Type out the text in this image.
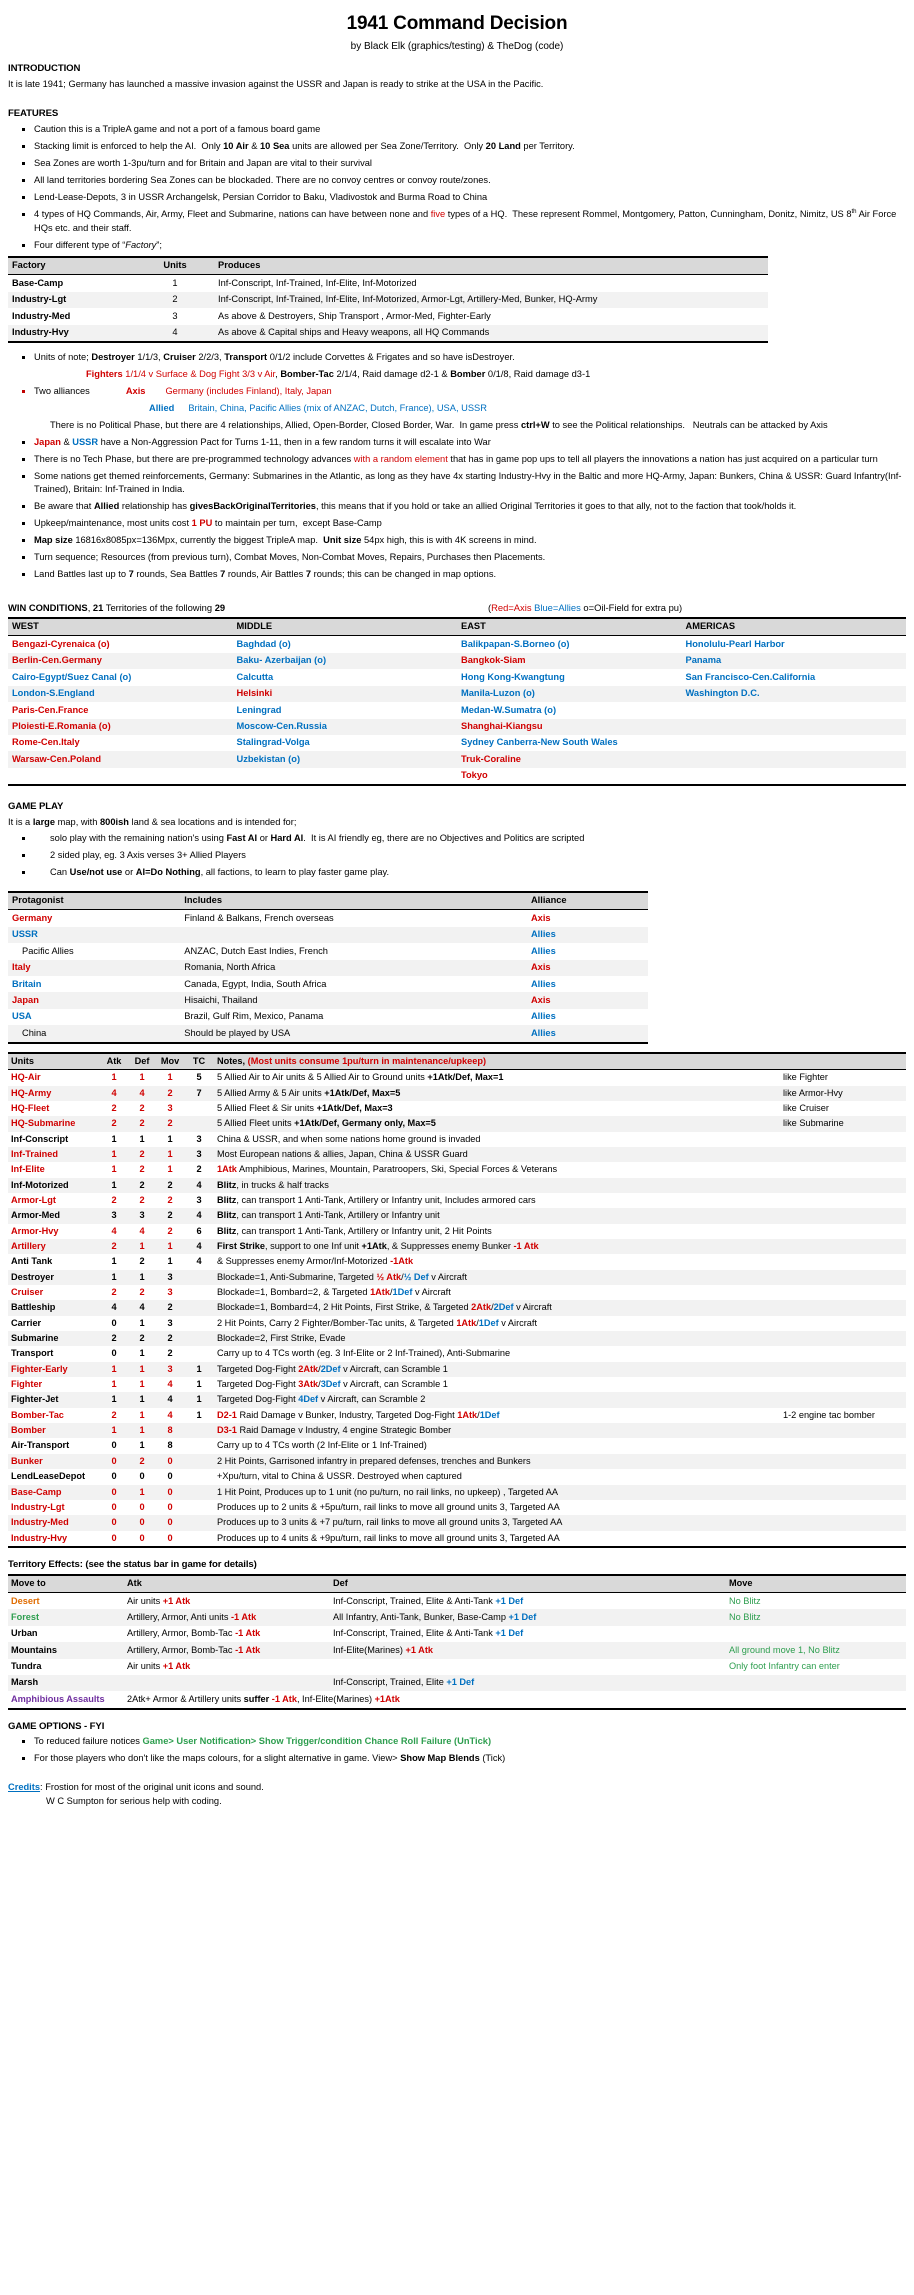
1941 Command Decision
by Black Elk (graphics/testing) & TheDog (code)
INTRODUCTION
It is late 1941; Germany has launched a massive invasion against the USSR and Japan is ready to strike at the USA in the Pacific.
FEATURES
Caution this is a TripleA game and not a port of a famous board game
Stacking limit is enforced to help the AI.  Only 10 Air & 10 Sea units are allowed per Sea Zone/Territory.  Only 20 Land per Territory.
Sea Zones are worth 1-3pu/turn and for Britain and Japan are vital to their survival
All land territories bordering Sea Zones can be blockaded. There are no convoy centres or convoy route/zones.
Lend-Lease-Depots, 3 in USSR Archangelsk, Persian Corridor to Baku, Vladivostok and Burma Road to China
4 types of HQ Commands, Air, Army, Fleet and Submarine, nations can have between none and five types of a HQ.  These represent Rommel, Montgomery, Patton, Cunningham, Donitz, Nimitz, US 8th Air Force HQs etc. and their staff.
Four different type of “Factory”;
Factory	Units	Produces
Base-Camp	1	Inf-Conscript, Inf-Trained, Inf-Elite, Inf-Motorized
Industry-Lgt	2	Inf-Conscript, Inf-Trained, Inf-Elite, Inf-Motorized, Armor-Lgt, Artillery-Med, Bunker, HQ-Army
Industry-Med	3	As above & Destroyers, Ship Transport , Armor-Med, Fighter-Early
Industry-Hvy	4	As above & Capital ships and Heavy weapons, all HQ Commands
Units of note; Destroyer 1/1/3, Cruiser 2/2/3, Transport 0/1/2 include Corvettes & Frigates and so have isDestroyer.
Fighters 1/1/4 v Surface & Dog Fight 3/3 v Air, Bomber-Tac 2/1/4, Raid damage d2-1 & Bomber 0/1/8, Raid damage d3-1
Two alliances	Axis Germany (includes Finland), Italy, Japan
Allied Britain, China, Pacific Allies (mix of ANZAC, Dutch, France), USA, USSR
There is no Political Phase, but there are 4 relationships, Allied, Open-Border, Closed Border, War.  In game press ctrl+W to see the Political relationships.   Neutrals can be attacked by Axis
Japan & USSR have a Non-Aggression Pact for Turns 1-11, then in a few random turns it will escalate into War
There is no Tech Phase, but there are pre-programmed technology advances with a random element that has in game pop ups to tell all players the innovations a nation has just acquired on a particular turn
Some nations get themed reinforcements, Germany: Submarines in the Atlantic, as long as they have 4x starting Industry-Hvy in the Baltic and more HQ-Army, Japan: Bunkers, China & USSR: Guard Infantry(Inf-Trained), Britain: Inf-Trained in India.
Be aware that Allied relationship has givesBackOriginalTerritories, this means that if you hold or take an allied Original Territories it goes to that ally, not to the faction that took/holds it.
Upkeep/maintenance, most units cost 1 PU to maintain per turn,  except Base-Camp
Map size 16816x8085px=136Mpx, currently the biggest TripleA map.  Unit size 54px high, this is with 4K screens in mind.
Turn sequence; Resources (from previous turn), Combat Moves, Non-Combat Moves, Repairs, Purchases then Placements.
Land Battles last up to 7 rounds, Sea Battles 7 rounds, Air Battles 7 rounds; this can be changed in map options.
WIN CONDITIONS, 21 Territories of the following 29	(Red=Axis Blue=Allies o=Oil-Field for extra pu)
WEST	MIDDLE	EAST	AMERICAS
Bengazi-Cyrenaica (o)	Baghdad (o)	Balikpapan-S.Borneo (o)	Honolulu-Pearl Harbor
Berlin-Cen.Germany	Baku- Azerbaijan (o)	Bangkok-Siam	Panama
Cairo-Egypt/Suez Canal (o)	Calcutta	Hong Kong-Kwangtung	San Francisco-Cen.California
London-S.England	Helsinki	Manila-Luzon (o)	Washington D.C.
Paris-Cen.France	Leningrad	Medan-W.Sumatra (o)	
Ploiesti-E.Romania (o)	Moscow-Cen.Russia	Shanghai-Kiangsu	
Rome-Cen.Italy	Stalingrad-Volga	Sydney Canberra-New South Wales	
Warsaw-Cen.Poland	Uzbekistan (o)	Truk-Coraline	
		Tokyo	
GAME PLAY
It is a large map, with 800ish land & sea locations and is intended for;
solo play with the remaining nation's using Fast AI or Hard AI.  It is AI friendly eg, there are no Objectives and Politics are scripted
2 sided play, eg. 3 Axis verses 3+ Allied Players
Can Use/not use or AI=Do Nothing, all factions, to learn to play faster game play.
Protagonist	Includes	Alliance
Germany	Finland & Balkans, French overseas	Axis
USSR		Allies
Pacific Allies	ANZAC, Dutch East Indies, French	Allies
Italy	Romania, North Africa	Axis
Britain	Canada, Egypt, India, South Africa	Allies
Japan	Hisaichi, Thailand	Axis
USA	Brazil, Gulf Rim, Mexico, Panama	Allies
China	Should be played by USA	Allies
Units	Atk	Def	Mov	TC	Notes, (Most units consume 1pu/turn in maintenance/upkeep)	
HQ-Air	1	1	1	5	5 Allied Air to Air units & 5 Allied Air to Ground units +1Atk/Def, Max=1	like Fighter
HQ-Army	4	4	2	7	5 Allied Army & 5 Air units +1Atk/Def, Max=5	like Armor-Hvy
HQ-Fleet	2	2	3		5 Allied Fleet & Sir units +1Atk/Def, Max=3	like Cruiser
HQ-Submarine	2	2	2		5 Allied Fleet units +1Atk/Def, Germany only, Max=5	like Submarine
Inf-Conscript	1	1	1	3	China & USSR, and when some nations home ground is invaded	
Inf-Trained	1	2	1	3	Most European nations & allies, Japan, China & USSR Guard	
Inf-Elite	1	2	1	2	1Atk Amphibious, Marines, Mountain, Paratroopers, Ski, Special Forces & Veterans	
Inf-Motorized	1	2	2	4	Blitz, in trucks & half tracks	
Armor-Lgt	2	2	2	3	Blitz, can transport 1 Anti-Tank, Artillery or Infantry unit, Includes armored cars	
Armor-Med	3	3	2	4	Blitz, can transport 1 Anti-Tank, Artillery or Infantry unit	
Armor-Hvy	4	4	2	6	Blitz, can transport 1 Anti-Tank, Artillery or Infantry unit, 2 Hit Points	
Artillery	2	1	1	4	First Strike, support to one Inf unit +1Atk, & Suppresses enemy Bunker -1 Atk	
Anti Tank	1	2	1	4	& Suppresses enemy Armor/Inf-Motorized -1Atk	
Destroyer	1	1	3		Blockade=1, Anti-Submarine, Targeted ½ Atk/½ Def v Aircraft	
Cruiser	2	2	3		Blockade=1, Bombard=2, & Targeted 1Atk/1Def v Aircraft	
Battleship	4	4	2		Blockade=1, Bombard=4, 2 Hit Points, First Strike, & Targeted 2Atk/2Def v Aircraft	
Carrier	0	1	3		2 Hit Points, Carry 2 Fighter/Bomber-Tac units, & Targeted 1Atk/1Def v Aircraft	
Submarine	2	2	2		Blockade=2, First Strike, Evade	
Transport	0	1	2		Carry up to 4 TCs worth (eg. 3 Inf-Elite or 2 Inf-Trained), Anti-Submarine	
Fighter-Early	1	1	3	1	Targeted Dog-Fight 2Atk/2Def v Aircraft, can Scramble 1	
Fighter	1	1	4	1	Targeted Dog-Fight 3Atk/3Def v Aircraft, can Scramble 1	
Fighter-Jet	1	1	4	1	Targeted Dog-Fight 4Def v Aircraft, can Scramble 2	
Bomber-Tac	2	1	4	1	D2-1 Raid Damage v Bunker, Industry, Targeted Dog-Fight 1Atk/1Def	1-2 engine tac bomber
Bomber	1	1	8		D3-1 Raid Damage v Industry, 4 engine Strategic Bomber	
Air-Transport	0	1	8		Carry up to 4 TCs worth (2 Inf-Elite or 1 Inf-Trained)	
Bunker	0	2	0		2 Hit Points, Garrisoned infantry in prepared defenses, trenches and Bunkers	
LendLeaseDepot	0	0	0		+Xpu/turn, vital to China & USSR. Destroyed when captured	
Base-Camp	0	1	0		1 Hit Point, Produces up to 1 unit (no pu/turn, no rail links, no upkeep) , Targeted AA	
Industry-Lgt	0	0	0		Produces up to 2 units & +5pu/turn, rail links to move all ground units 3, Targeted AA	
Industry-Med	0	0	0		Produces up to 3 units & +7 pu/turn, rail links to move all ground units 3, Targeted AA	
Industry-Hvy	0	0	0		Produces up to 4 units & +9pu/turn, rail links to move all ground units 3, Targeted AA	
Territory Effects: (see the status bar in game for details)
Move to	Atk	Def	Move
Desert	Air units +1 Atk	Inf-Conscript, Trained, Elite & Anti-Tank +1 Def	No Blitz
Forest	Artillery, Armor, Anti units -1 Atk	All Infantry, Anti-Tank, Bunker, Base-Camp +1 Def	No Blitz
Urban	Artillery, Armor, Bomb-Tac -1 Atk	Inf-Conscript, Trained, Elite & Anti-Tank +1 Def	
Mountains	Artillery, Armor, Bomb-Tac -1 Atk	Inf-Elite(Marines) +1 Atk	All ground move 1, No Blitz
Tundra	Air units +1 Atk		Only foot Infantry can enter
Marsh		Inf-Conscript, Trained, Elite +1 Def	
Amphibious Assaults	2Atk+ Armor & Artillery units suffer -1 Atk, Inf-Elite(Marines) +1Atk		
GAME OPTIONS - FYI
To reduced failure notices Game> User Notification> Show Trigger/condition Chance Roll Failure (UnTick)
For those players who don't like the maps colours, for a slight alternative in game. View> Show Map Blends (Tick)
Credits: Frostion for most of the original unit icons and sound.
W C Sumpton for serious help with coding.
